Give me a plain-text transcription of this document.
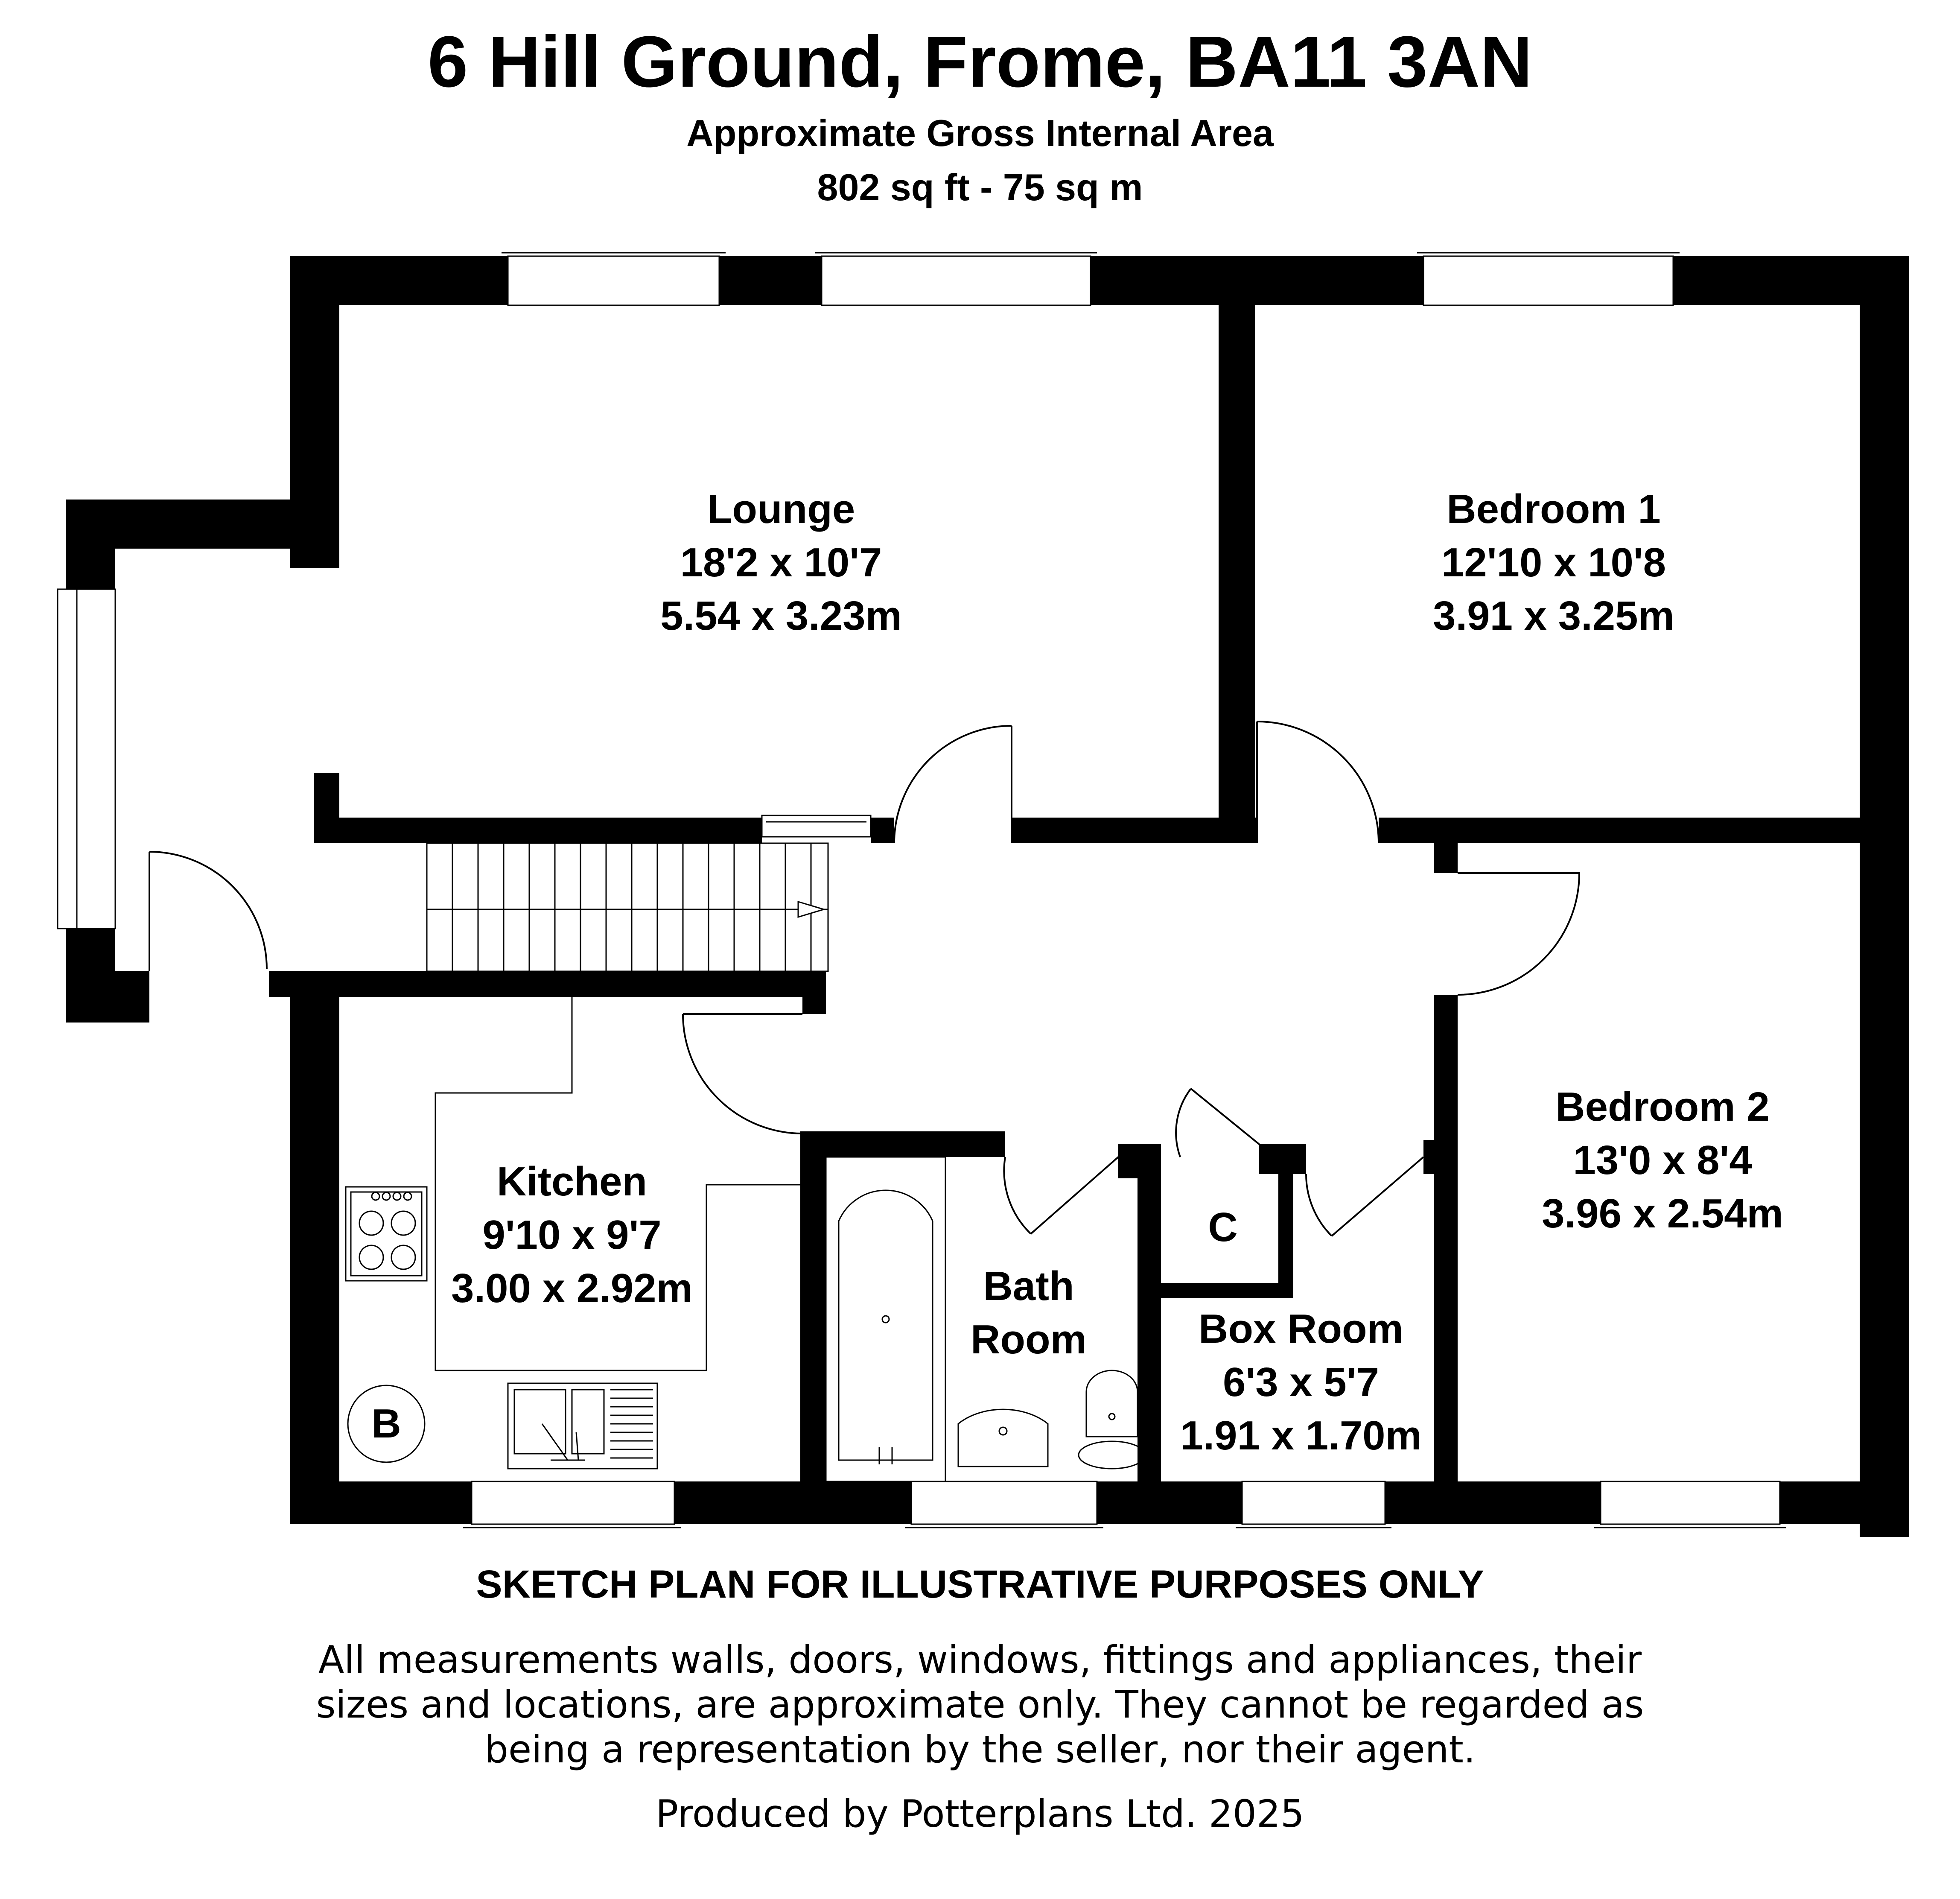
6 Hill Ground, Frome, BA11 3AN
Approximate Gross Internal Area
802 sq ft - 75 sq m
B
Lounge
18'2 x 10'7
5.54 x 3.23m
Bedroom 1
12'10 x 10'8
3.91 x 3.25m
Bedroom 2
13'0 x 8'4
3.96 x 2.54m
Kitchen
9'10 x 9'7
3.00 x 2.92m	Bath
Room
C
Box Room
6'3 x 5'7
1.91 x 1.70m
SKETCH PLAN FOR ILLUSTRATIVE PURPOSES ONLY
All measurements walls, doors, windows, fittings and appliances, their
sizes and locations, are approximate only. They cannot be regarded as
being a representation by the seller, nor their agent.
Produced by Potterplans Ltd. 2025
